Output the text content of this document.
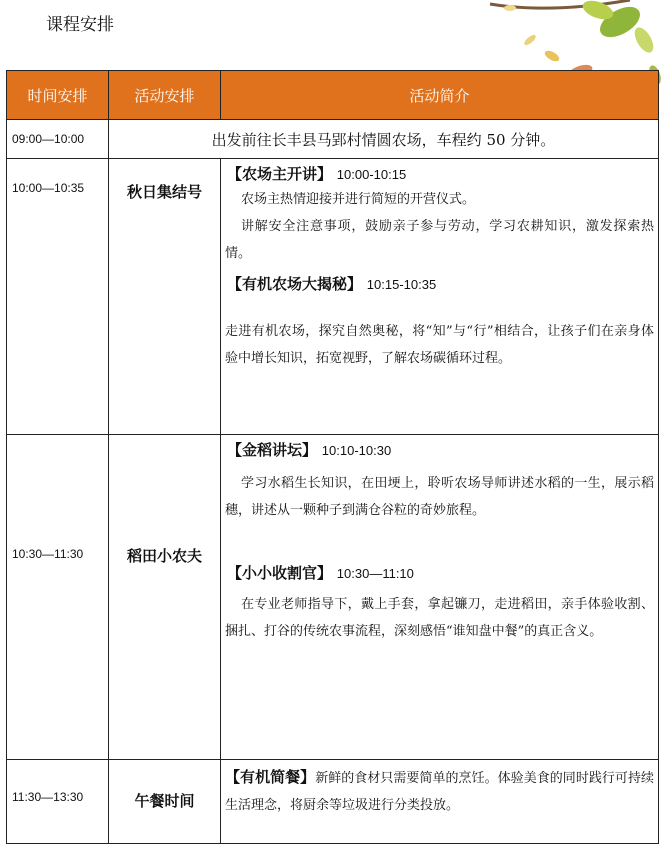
课程安排
时间安排	活动安排	活动简介
09:00—10:00	出发前往长丰县马郢村情圆农场，车程约 50 分钟。	

10:00—10:35	秋日集结号	【农场主开讲】 10:00-10:15
农场主热情迎接并进行简短的开营仪式。
讲解安全注意事项，鼓励亲子参与劳动，学习农耕知识，激发探索热情。
【有机农场大揭秘】 10:15-10:35
走进有机农场，探究自然奥秘，将“知”与“行”相结合，让孩子们在亲身体验中增长知识，拓宽视野，了解农场碳循环过程。

10:30—11:30	稻田小农夫	【金稻讲坛】 10:10-10:30
学习水稻生长知识，在田埂上，聆听农场导师讲述水稻的一生，展示稻穗，讲述从一颗种子到满仓谷粒的奇妙旅程。
【小小收割官】 10:30—11:10
在专业老师指导下，戴上手套，拿起镰刀，走进稻田，亲手体验收割、捆扎、打谷的传统农事流程，深刻感悟“谁知盘中餐”的真正含义。

11:30—13:30	午餐时间	【有机简餐】新鲜的食材只需要简单的烹饪。体验美食的同时践行可持续生活理念，将厨余等垃圾进行分类投放。
